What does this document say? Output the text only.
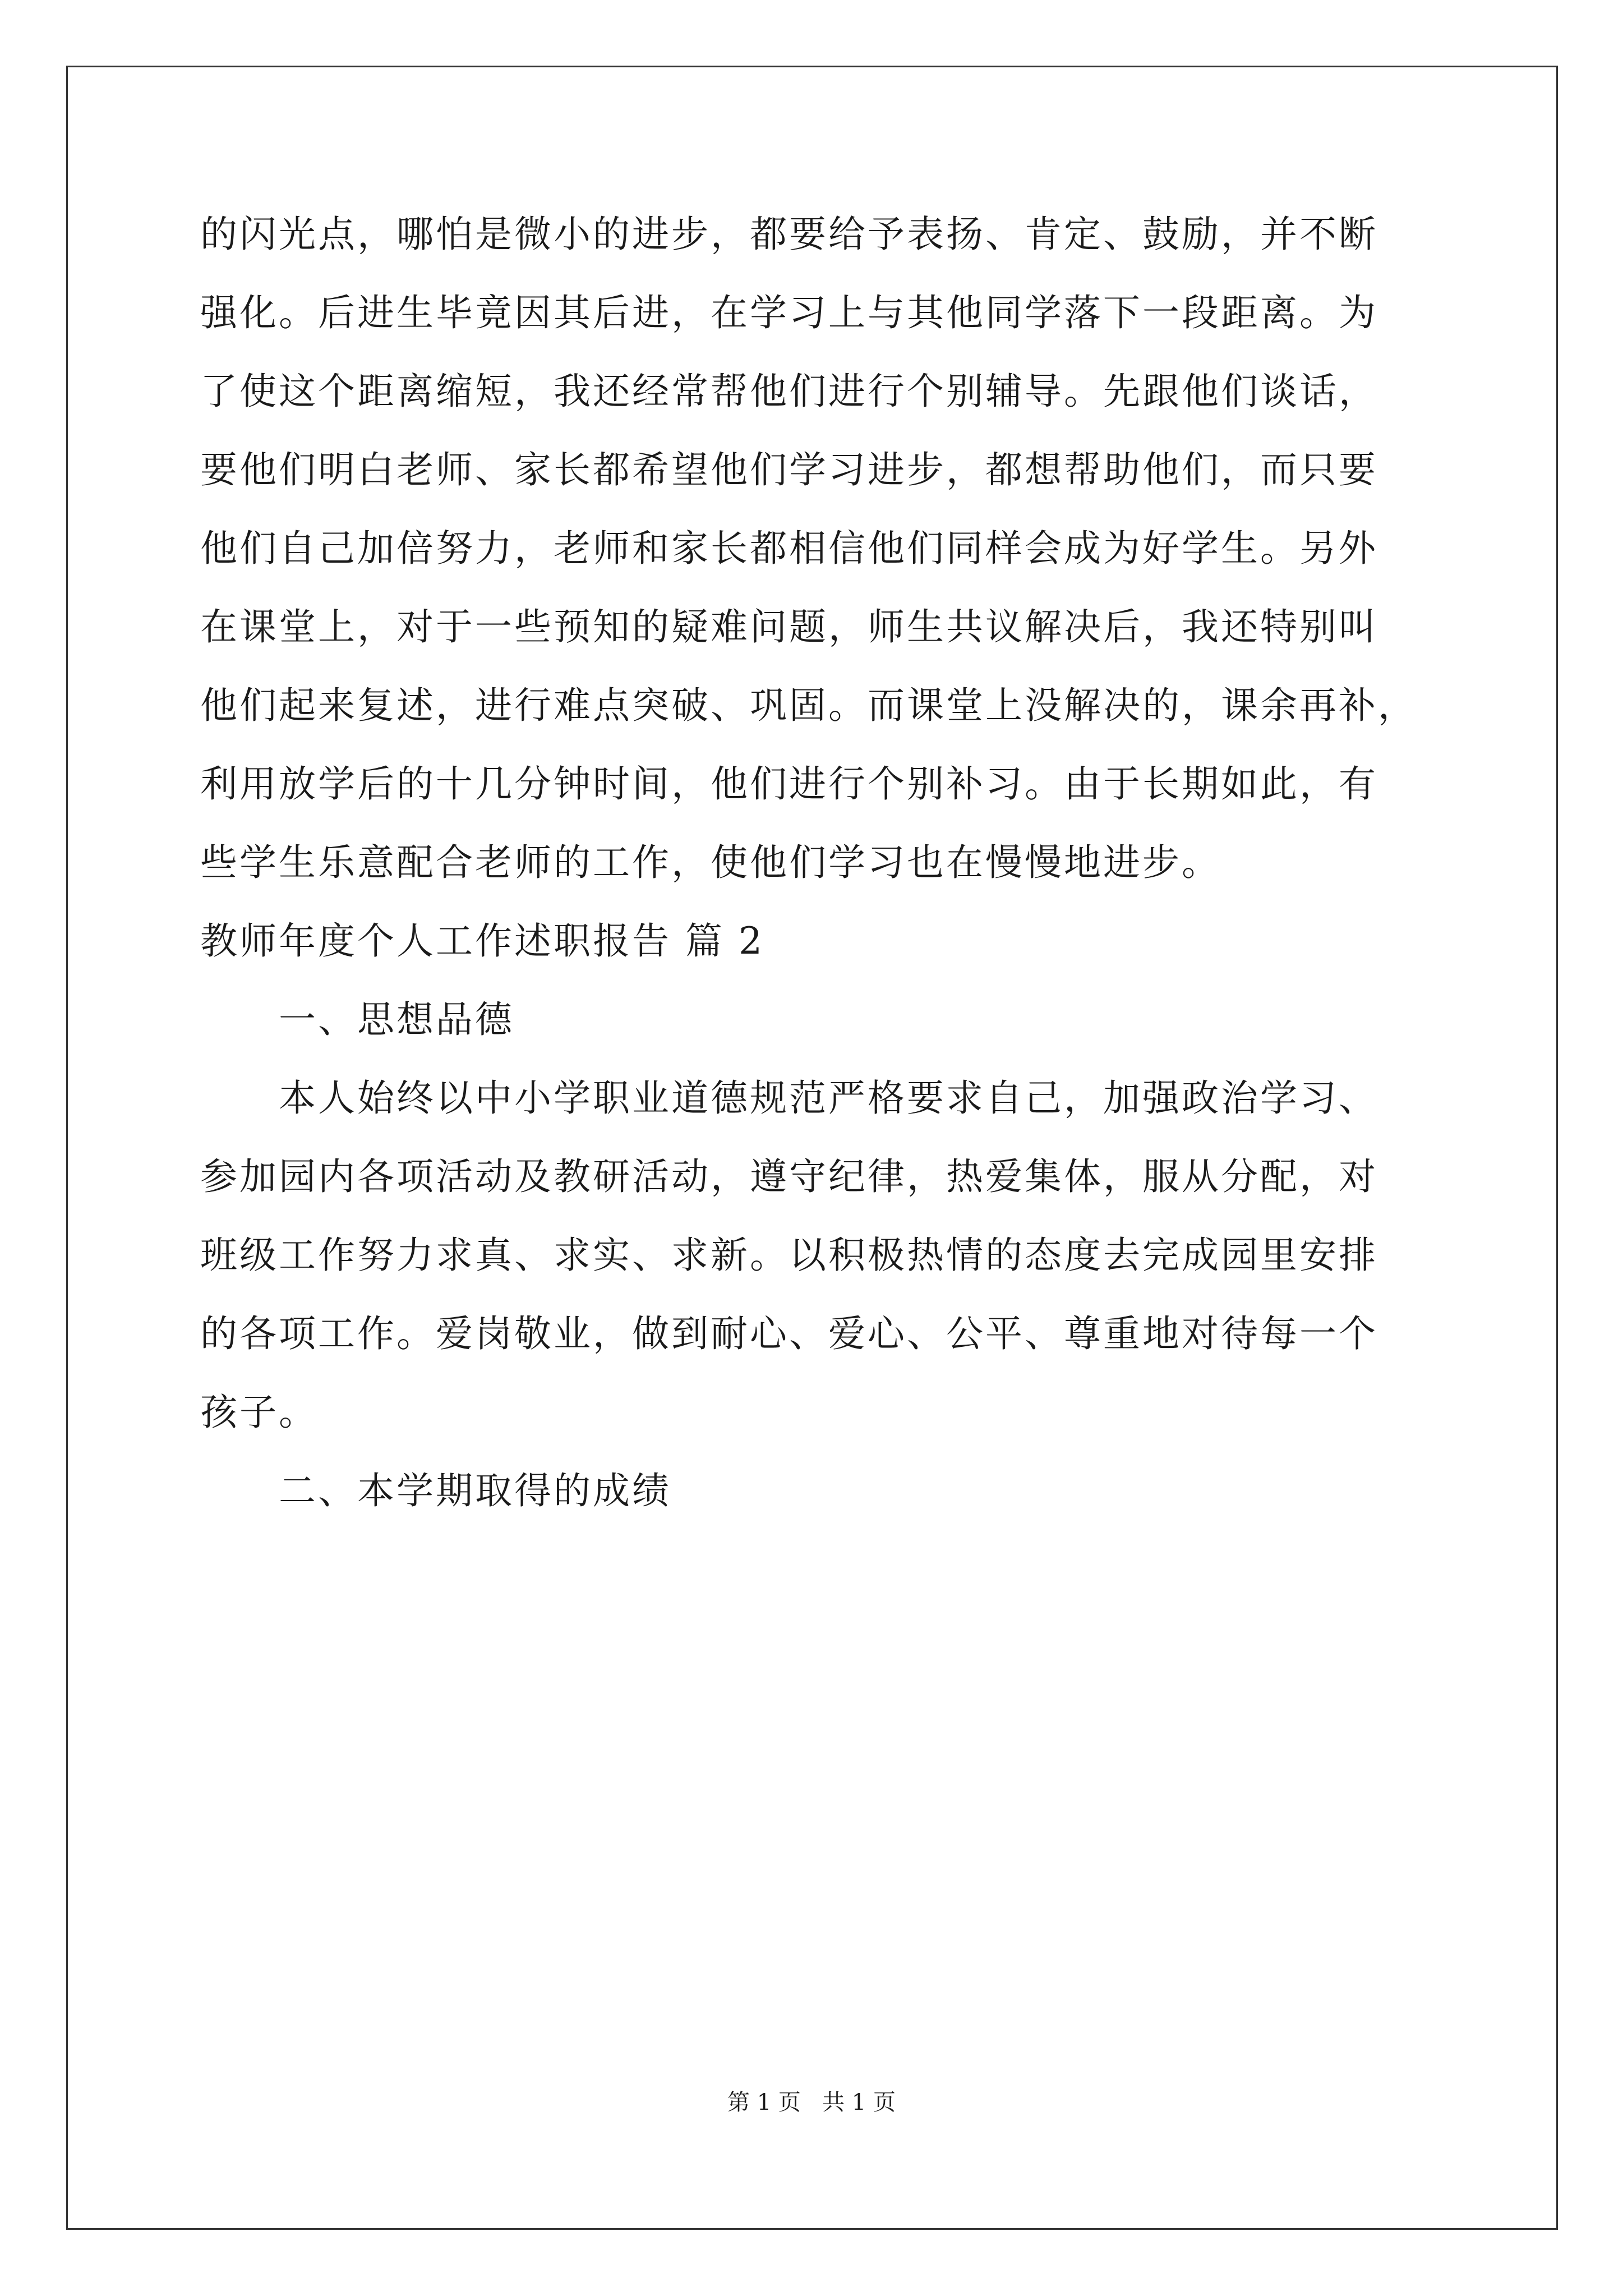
的闪光点，哪怕是微小的进步，都要给予表扬、肯定、鼓励，并不断
强化。后进生毕竟因其后进，在学习上与其他同学落下一段距离。为
了使这个距离缩短，我还经常帮他们进行个别辅导。先跟他们谈话，
要他们明白老师、家长都希望他们学习进步，都想帮助他们，而只要
他们自己加倍努力，老师和家长都相信他们同样会成为好学生。另外
在课堂上，对于一些预知的疑难问题，师生共议解决后，我还特别叫
他们起来复述，进行难点突破、巩固。而课堂上没解决的，课余再补，
利用放学后的十几分钟时间，他们进行个别补习。由于长期如此，有
些学生乐意配合老师的工作，使他们学习也在慢慢地进步。
教师年度个人工作述职报告 篇 2
一、思想品德
本人始终以中小学职业道德规范严格要求自己，加强政治学习、
参加园内各项活动及教研活动，遵守纪律，热爱集体，服从分配，对
班级工作努力求真、求实、求新。以积极热情的态度去完成园里安排
的各项工作。爱岗敬业，做到耐心、爱心、公平、尊重地对待每一个
孩子。
二、本学期取得的成绩
第 1 页   共 1 页
